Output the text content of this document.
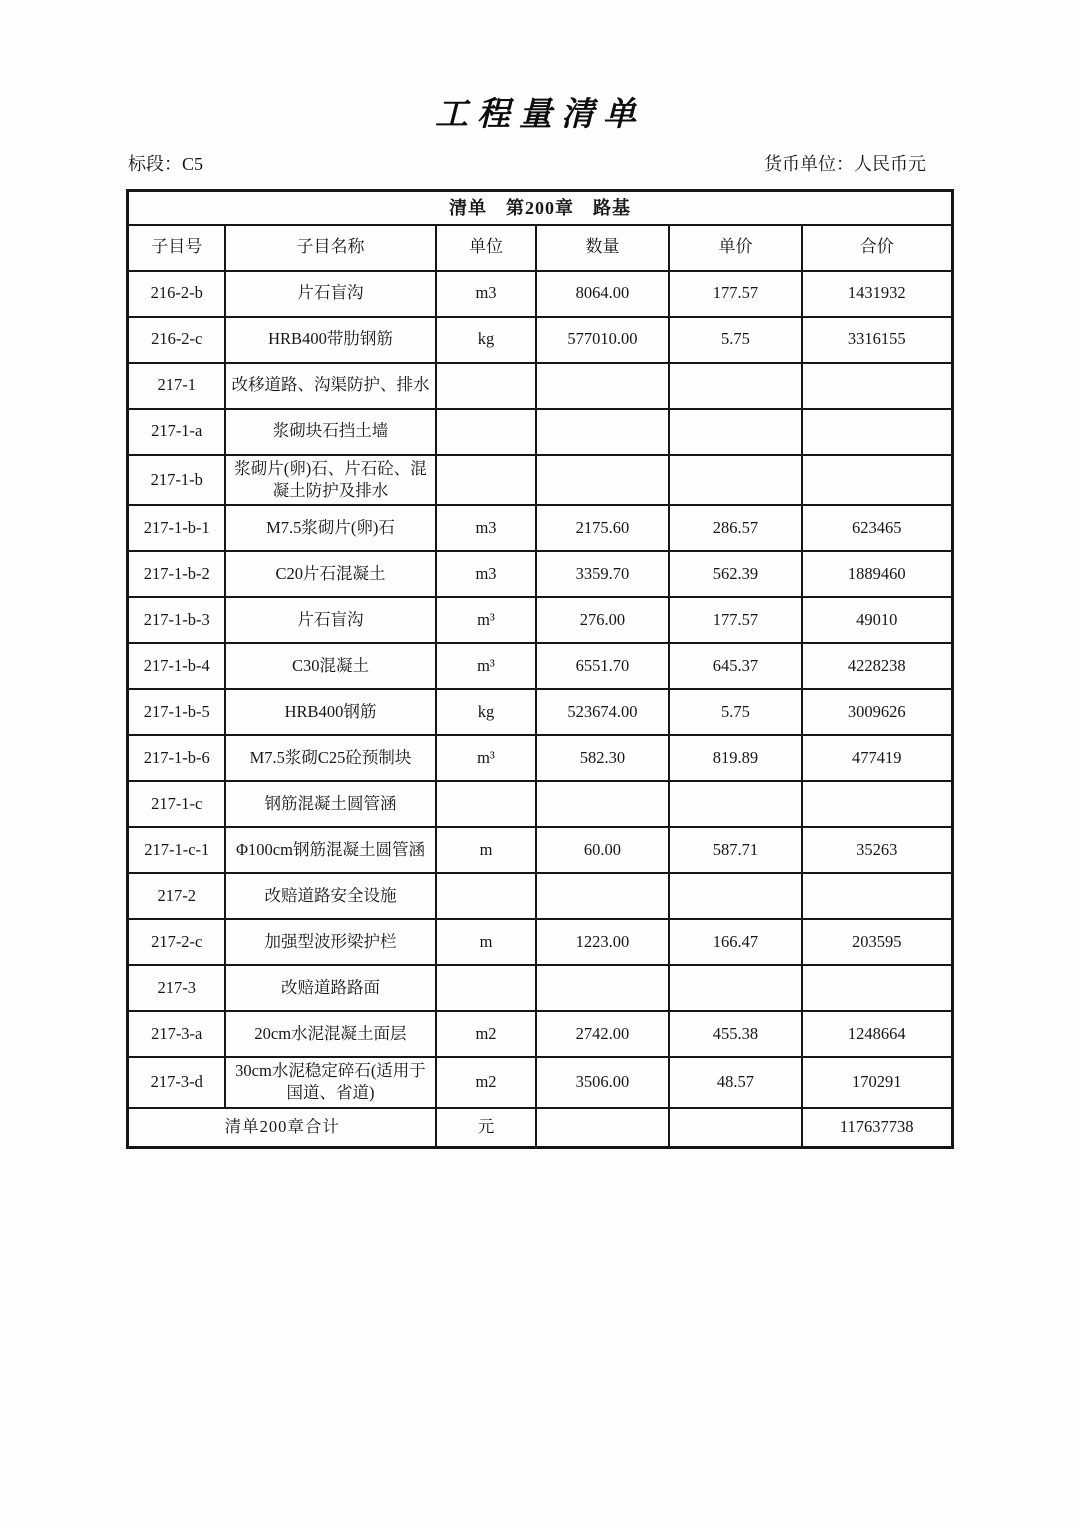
工程量清单
标段：C5	货币单位：人民币元
清单　第200章　路基					
子目号	子目名称	单位	数量	单价	合价
216-2-b	片石盲沟	m3	8064.00	177.57	1431932
216-2-c	HRB400带肋钢筋	kg	577010.00	5.75	3316155
217-1	改移道路、沟渠防护、排水				
217-1-a	浆砌块石挡土墙				
217-1-b	浆砌片(卵)石、片石砼、混凝土防护及排水				
217-1-b-1	M7.5浆砌片(卵)石	m3	2175.60	286.57	623465
217-1-b-2	C20片石混凝土	m3	3359.70	562.39	1889460
217-1-b-3	片石盲沟	m³	276.00	177.57	49010
217-1-b-4	C30混凝土	m³	6551.70	645.37	4228238
217-1-b-5	HRB400钢筋	kg	523674.00	5.75	3009626
217-1-b-6	M7.5浆砌C25砼预制块	m³	582.30	819.89	477419
217-1-c	钢筋混凝土圆管涵				
217-1-c-1	Φ100cm钢筋混凝土圆管涵	m	60.00	587.71	35263
217-2	改赔道路安全设施				
217-2-c	加强型波形梁护栏	m	1223.00	166.47	203595
217-3	改赔道路路面				
217-3-a	20cm水泥混凝土面层	m2	2742.00	455.38	1248664
217-3-d	30cm水泥稳定碎石(适用于国道、省道)	m2	3506.00	48.57	170291
清单200章合计		元			117637738
